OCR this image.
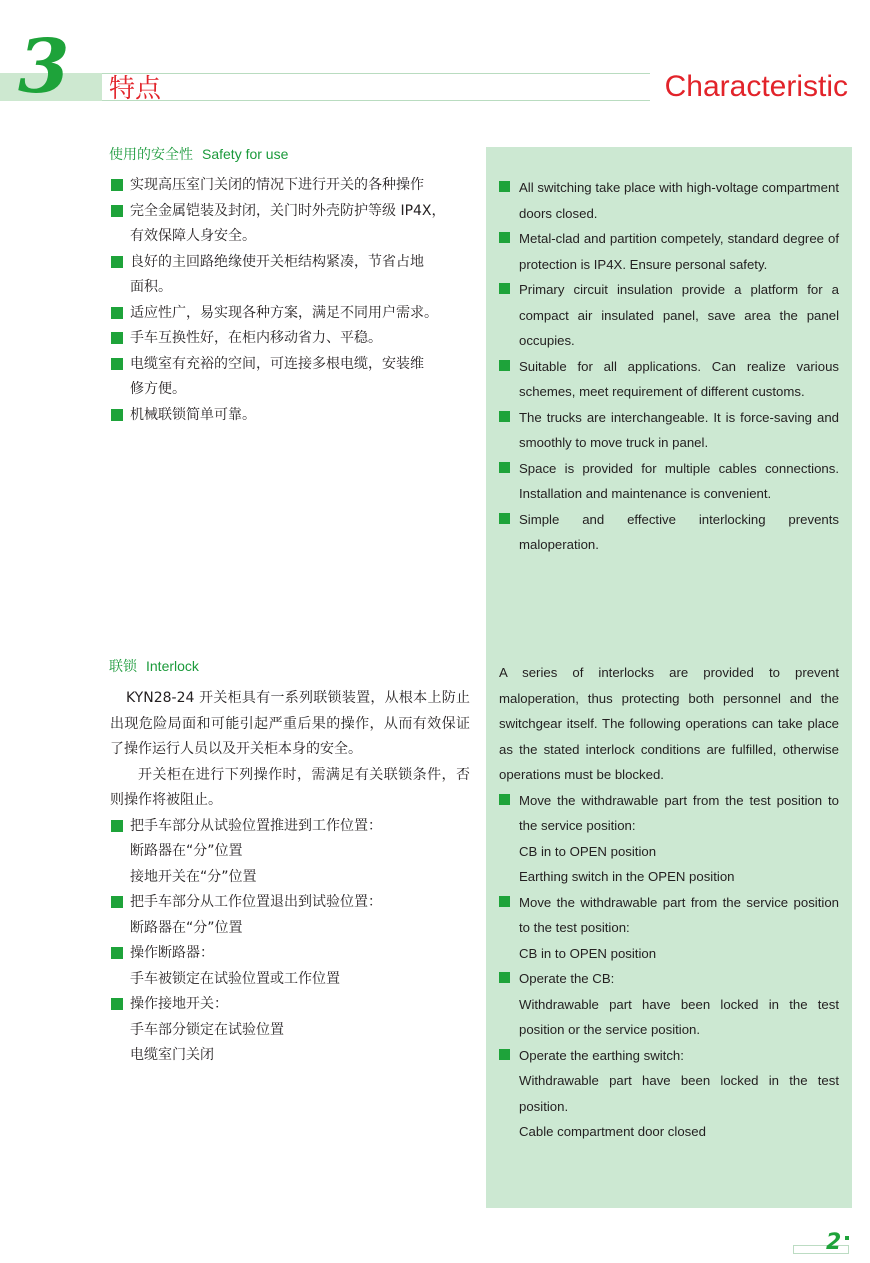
3 特点	Characteristic
使用的安全性 Safety for use
实现高压室门关闭的情况下进行开关的各种操作
完全金属铠装及封闭，关门时外壳防护等级 IP4X，
有效保障人身安全。
良好的主回路绝缘使开关柜结构紧凑，节省占地
面积。
适应性广，易实现各种方案，满足不同用户需求。
手车互换性好，在柜内移动省力、平稳。
电缆室有充裕的空间，可连接多根电缆，安装维
修方便。
机械联锁简单可靠。
All switching take place with high-voltage compartment doors closed.
Metal-clad and partition competely, standard degree of protection is IP4X. Ensure personal safety.
Primary circuit insulation provide a platform for a compact air insulated panel, save area the panel occupies.
Suitable for all applications. Can realize various schemes, meet requirement of different customs.
The trucks are interchangeable. It is force-saving and smoothly to move truck in panel.
Space is provided for multiple cables connections. Installation and maintenance is convenient.
Simple and effective interlocking prevents maloperation.
联锁 Interlock

KYN28-24 开关柜具有一系列联锁装置，从根本上防止出现危险局面和可能引起严重后果的操作，从而有效保证了操作运行人员以及开关柜本身的安全。

开关柜在进行下列操作时，需满足有关联锁条件，否则操作将被阻止。

把手车部分从试验位置推进到工作位置：

断路器在“分”位置

接地开关在“分”位置

把手车部分从工作位置退出到试验位置：

断路器在“分”位置

操作断路器：

手车被锁定在试验位置或工作位置

操作接地开关：

手车部分锁定在试验位置

电缆室门关闭

A series of interlocks are provided to prevent maloperation, thus protecting both personnel and the switchgear itself. The following operations can take place as the stated interlock conditions are fulfilled, otherwise operations must be blocked.

Move the withdrawable part from the test position to the service position:

CB in to OPEN position

Earthing switch in the OPEN position

Move the withdrawable part from the service position to the test position:

CB in to OPEN position

Operate the CB:

Withdrawable part have been locked in the test position or the service position.

Operate the earthing switch:

Withdrawable part have been locked in the test position.

Cable compartment door closed

2
